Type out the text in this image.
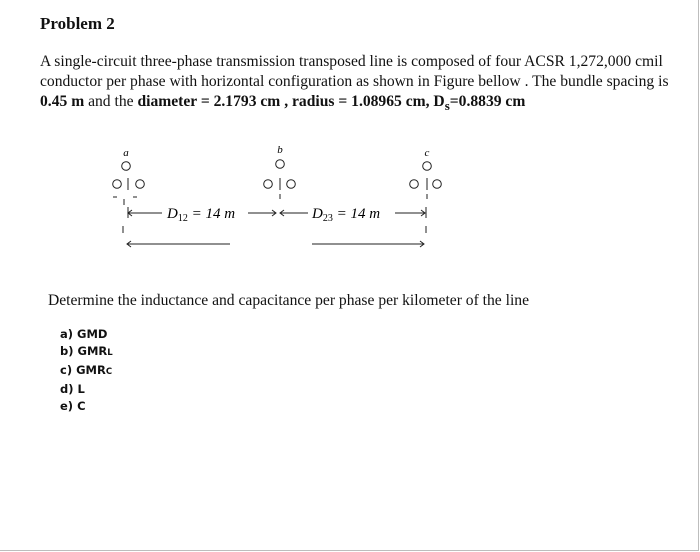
Problem 2
A single-circuit three-phase transmission transposed line is composed of four ACSR 1,272,000 cmil conductor per phase with horizontal configuration as shown in Figure bellow . The bundle spacing is 0.45 m and the diameter = 2.1793 cm , radius = 1.08965 cm, $D_s=0.8839$ cm
a	b	c
$D_{12} = 14$ m	$D_{23} = 14$ m
Determine the inductance and capacitance per phase per kilometer of the line
a) GMD
b) GMRL
c) GMRC
d) L
e) C
